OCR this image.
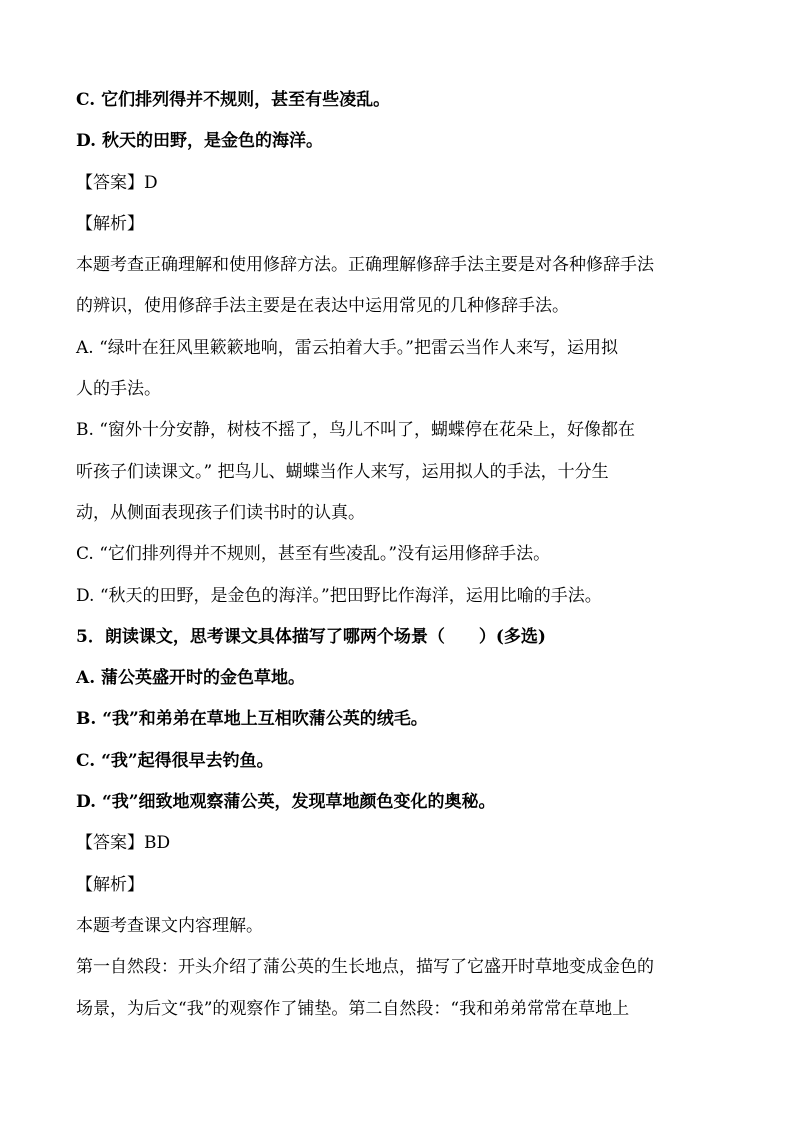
C. 它们排列得并不规则，甚至有些凌乱。
D. 秋天的田野，是金色的海洋。
【答案】D
【解析】
本题考查正确理解和使用修辞方法。正确理解修辞手法主要是对各种修辞手法
的辨识，使用修辞手法主要是在表达中运用常见的几种修辞手法。
A. “绿叶在狂风里簌簌地响，雷云拍着大手。”把雷云当作人来写，运用拟
人的手法。
B. “窗外十分安静，树枝不摇了，鸟儿不叫了，蝴蝶停在花朵上，好像都在
听孩子们读课文。” 把鸟儿、蝴蝶当作人来写，运用拟人的手法，十分生
动，从侧面表现孩子们读书时的认真。
C. “它们排列得并不规则，甚至有些凌乱。”没有运用修辞手法。
D. “秋天的田野，是金色的海洋。”把田野比作海洋，运用比喻的手法。
5．朗读课文，思考课文具体描写了哪两个场景（　　）(多选)
A. 蒲公英盛开时的金色草地。
B. “我”和弟弟在草地上互相吹蒲公英的绒毛。
C. “我”起得很早去钓鱼。
D. “我”细致地观察蒲公英，发现草地颜色变化的奥秘。
【答案】BD
【解析】
本题考查课文内容理解。
第一自然段：开头介绍了蒲公英的生长地点，描写了它盛开时草地变成金色的
场景，为后文“我”的观察作了铺垫。第二自然段：“我和弟弟常常在草地上
